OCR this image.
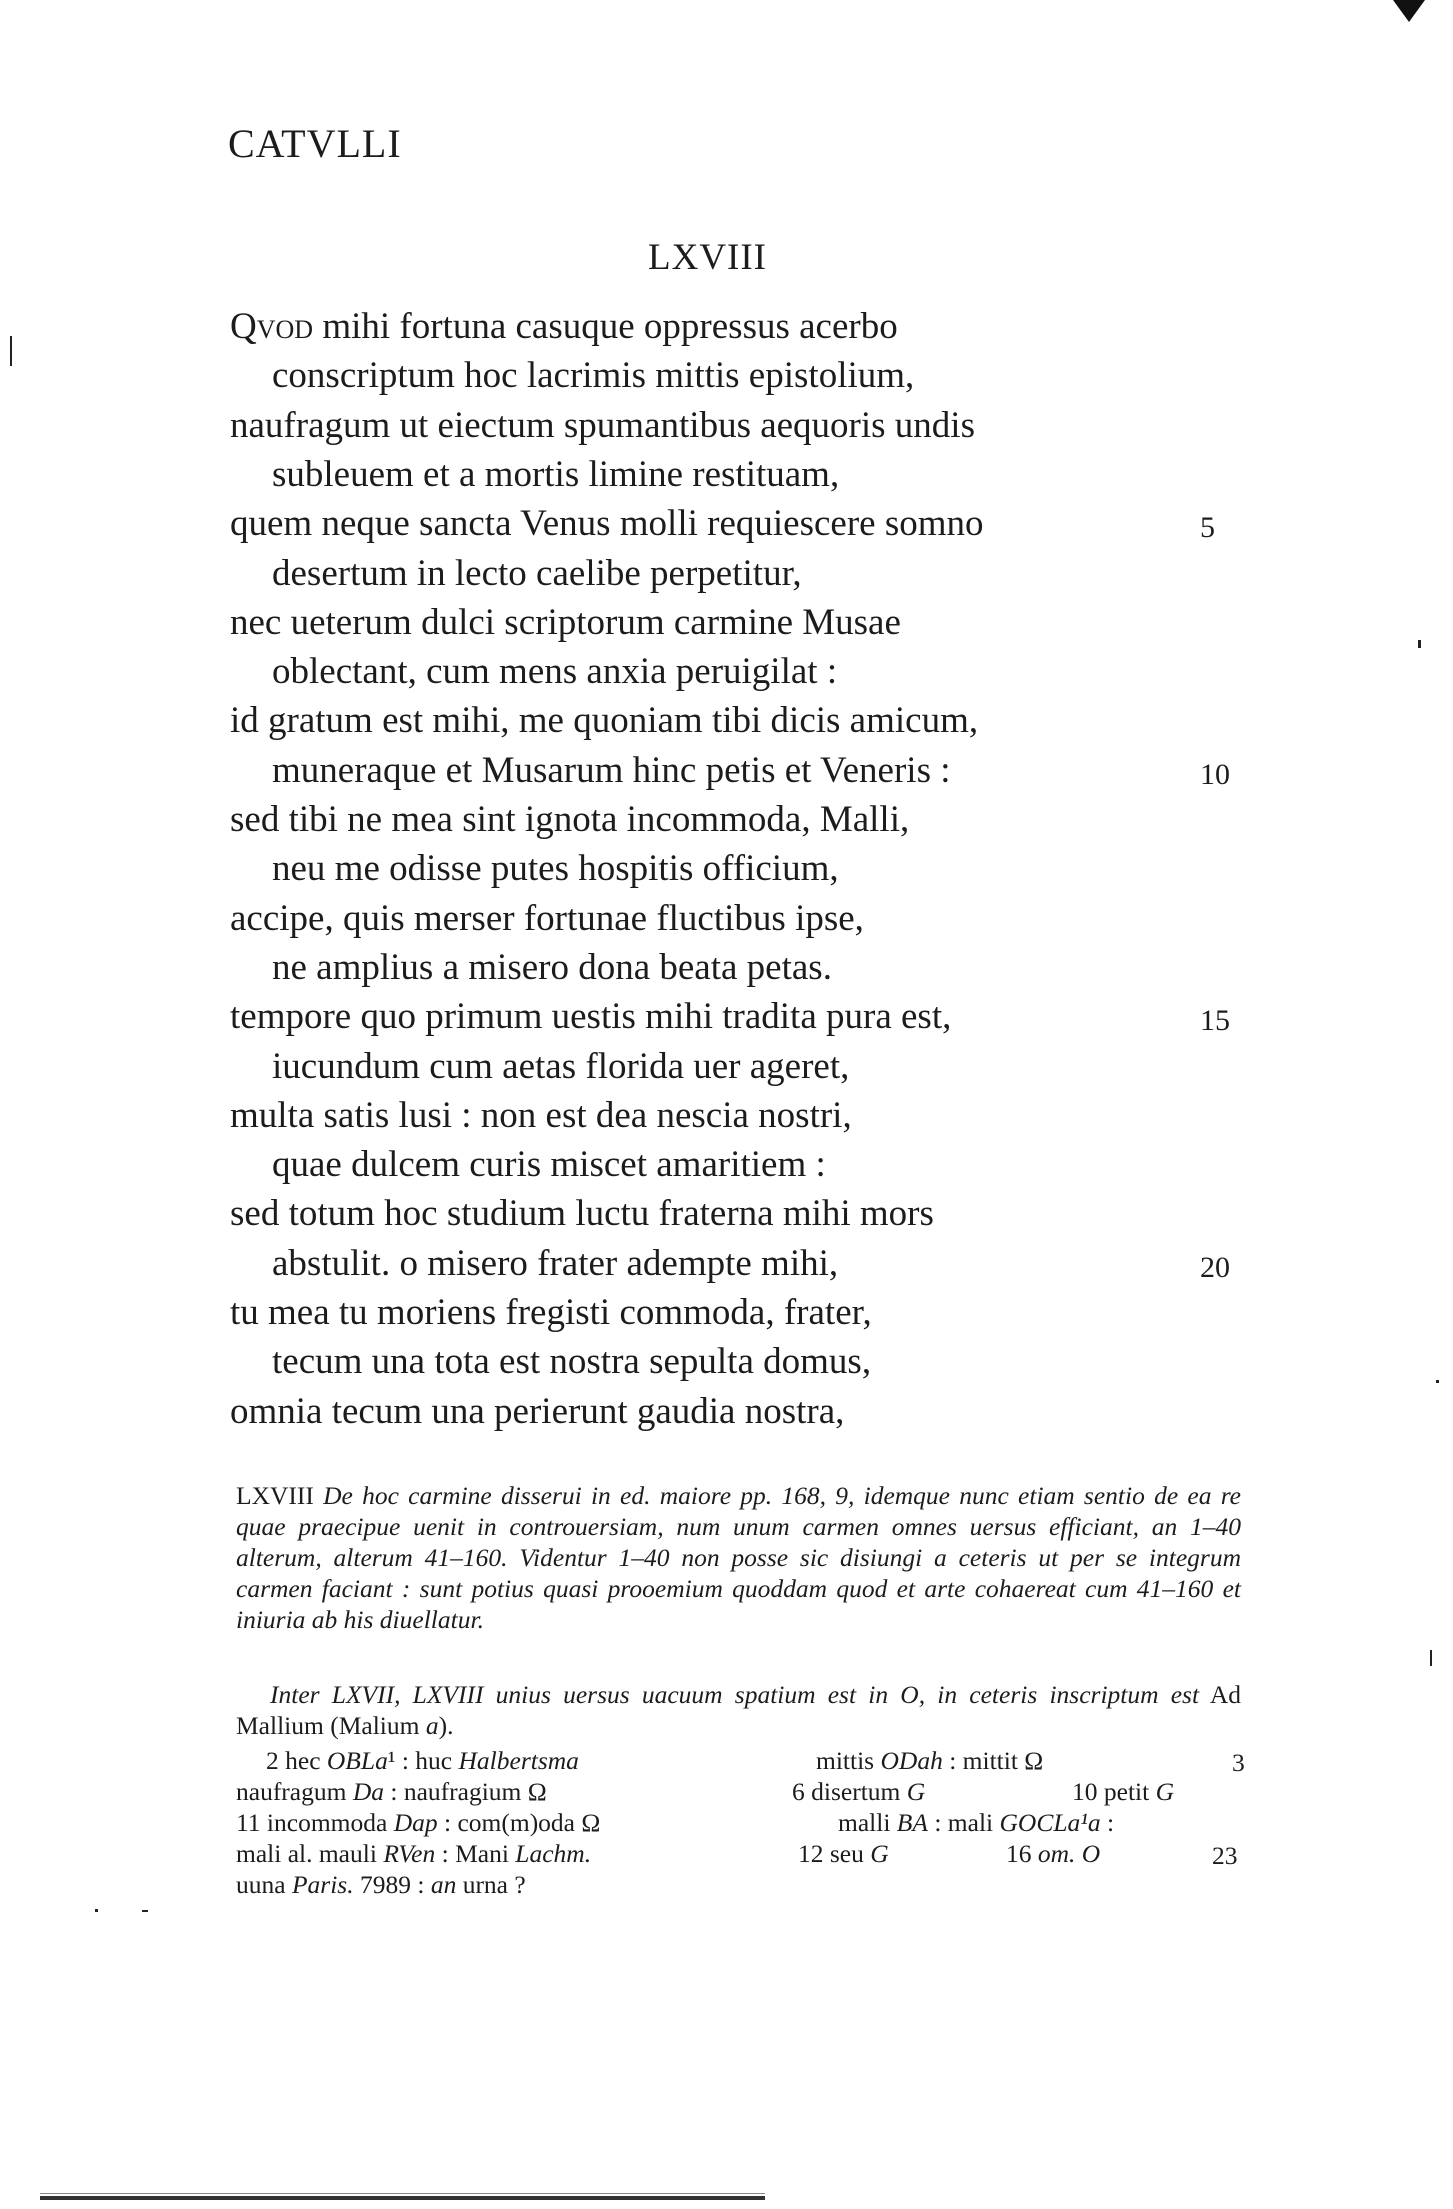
CATVLLI
LXVIII
Qvod mihi fortuna casuque oppressus acerbo
conscriptum hoc lacrimis mittis epistolium,
naufragum ut eiectum spumantibus aequoris undis
subleuem et a mortis limine restituam,
quem neque sancta Venus molli requiescere somno	5
desertum in lecto caelibe perpetitur,
nec ueterum dulci scriptorum carmine Musae
oblectant, cum mens anxia peruigilat :
id gratum est mihi, me quoniam tibi dicis amicum,
muneraque et Musarum hinc petis et Veneris :	10
sed tibi ne mea sint ignota incommoda, Malli,
neu me odisse putes hospitis officium,
accipe, quis merser fortunae fluctibus ipse,
ne amplius a misero dona beata petas.
tempore quo primum uestis mihi tradita pura est,	15
iucundum cum aetas florida uer ageret,
multa satis lusi : non est dea nescia nostri,
quae dulcem curis miscet amaritiem :
sed totum hoc studium luctu fraterna mihi mors
abstulit. o misero frater adempte mihi,	20
tu mea tu moriens fregisti commoda, frater,
tecum una tota est nostra sepulta domus,
omnia tecum una perierunt gaudia nostra,
LXVIII De hoc carmine disserui in ed. maiore pp. 168, 9, idemque nunc etiam sentio de ea re quae praecipue uenit in controuersiam, num unum carmen omnes uersus efficiant, an 1–40 alterum, alterum 41–160. Videntur 1–40 non posse sic disiungi a ceteris ut per se integrum carmen faciant : sunt potius quasi prooemium quoddam quod et arte cohaereat cum 41–160 et iniuria ab his diuellatur.
Inter LXVII, LXVIII unius uersus uacuum spatium est in O, in ceteris inscriptum est Ad Mallium (Malium a).
2 hec OBLa¹ : huc Halbertsma	mittis ODah : mittit Ω	3
naufragum Da : naufragium Ω	6 disertum G	10 petit G
11 incommoda Dap : com(m)oda Ω	malli BA : mali GOCLa¹a :
mali al. mauli RVen : Mani Lachm.	12 seu G	16 om. O	23
uuna Paris. 7989 : an urna ?
